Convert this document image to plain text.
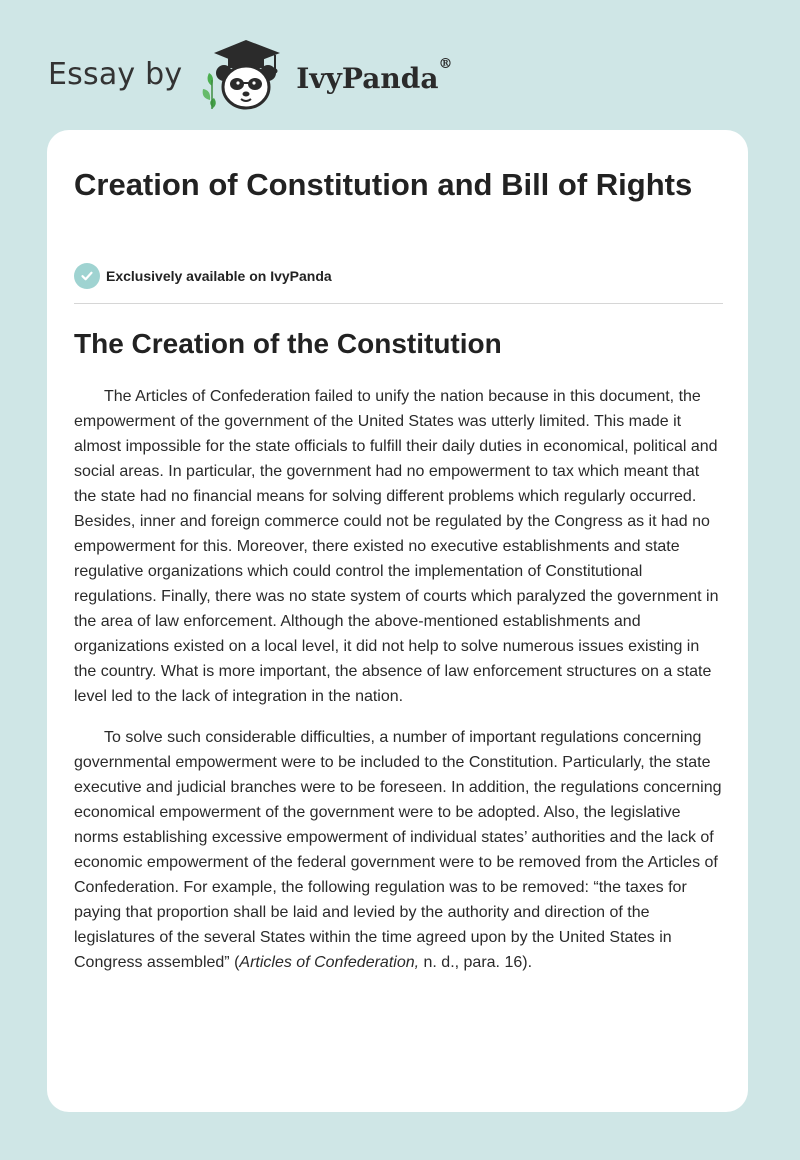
Essay by	IvyPanda®
Creation of Constitution and Bill of Rights
Exclusively available on IvyPanda
The Creation of the Constitution

The Articles of Confederation failed to unify the nation because in this document, the empowerment of the government of the United States was utterly limited. This made it almost impossible for the state officials to fulfill their daily duties in economical, political and social areas. In particular, the government had no empowerment to tax which meant that the state had no financial means for solving different problems which regularly occurred. Besides, inner and foreign commerce could not be regulated by the Congress as it had no empowerment for this. Moreover, there existed no executive establishments and state regulative organizations which could control the implementation of Constitutional regulations. Finally, there was no state system of courts which paralyzed the government in the area of law enforcement. Although the above-mentioned establishments and organizations existed on a local level, it did not help to solve numerous issues existing in the country. What is more important, the absence of law enforcement structures on a state level led to the lack of integration in the nation.

To solve such considerable difficulties, a number of important regulations concerning governmental empowerment were to be included to the Constitution. Particularly, the state executive and judicial branches were to be foreseen. In addition, the regulations concerning economical empowerment of the government were to be adopted. Also, the legislative norms establishing excessive empowerment of individual states’ authorities and the lack of economic empowerment of the federal government were to be removed from the Articles of Confederation. For example, the following regulation was to be removed: “the taxes for paying that proportion shall be laid and levied by the authority and direction of the legislatures of the several States within the time agreed upon by the United States in Congress assembled” (Articles of Confederation, n. d., para. 16).
